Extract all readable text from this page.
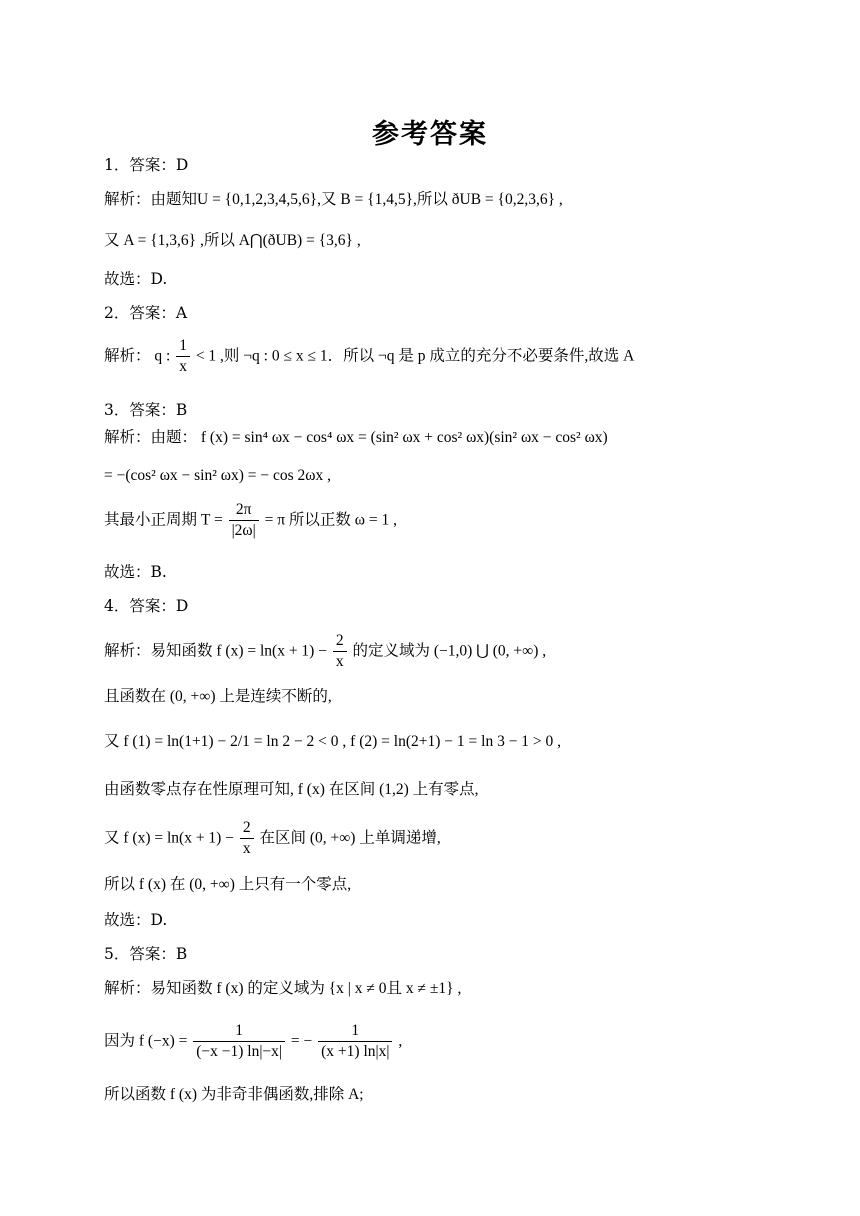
参考答案
1．答案：D
解析：由题知U = {0,1,2,3,4,5,6},又 B = {1,4,5},所以 ðUB = {0,2,3,6} ,
又 A = {1,3,6} ,所以 A⋂(ðUB) = {3,6} ,
故选：D.
2．答案：A
解析： q : $\frac{1}{x} < 1$ ,则 ¬q : 0 ≤ x ≤ 1．所以 ¬q 是 p 成立的充分不必要条件,故选 A
3．答案：B
解析：由题： f (x) = sin⁴ ωx − cos⁴ ωx = (sin² ωx + cos² ωx)(sin² ωx − cos² ωx)
= −(cos² ωx − sin² ωx) = − cos 2ωx ,
其最小正周期 $T = \frac{2\pi}{|2\omega|} = \pi$ 所以正数 ω = 1 ,
故选：B.
4．答案：D
解析：易知函数 f $(x) = \ln(x + 1) - \frac{2}{x}$ 的定义域为 (−1,0) ⋃ (0, +∞) ,
且函数在 (0, +∞) 上是连续不断的,
又 f (1) = ln(1+1) − 2/1 = ln 2 − 2 < 0 , f (2) = ln(2+1) − 1 = ln 3 − 1 > 0 ,
由函数零点存在性原理可知, f (x) 在区间 (1,2) 上有零点,
又 f $(x) = \ln(x + 1) - \frac{2}{x}$ 在区间 (0, +∞) 上单调递增,
所以 f (x) 在 (0, +∞) 上只有一个零点,
故选：D.
5．答案：B
解析：易知函数 f (x) 的定义域为 {x | x ≠ 0且 x ≠ ±1} ,
因为 f $(-x) = \frac{1}{(-x -1) \ln|-x|}$ = − $\frac{1}{(x +1) \ln|x|}$ ,
所以函数 f (x) 为非奇非偶函数,排除 A;
